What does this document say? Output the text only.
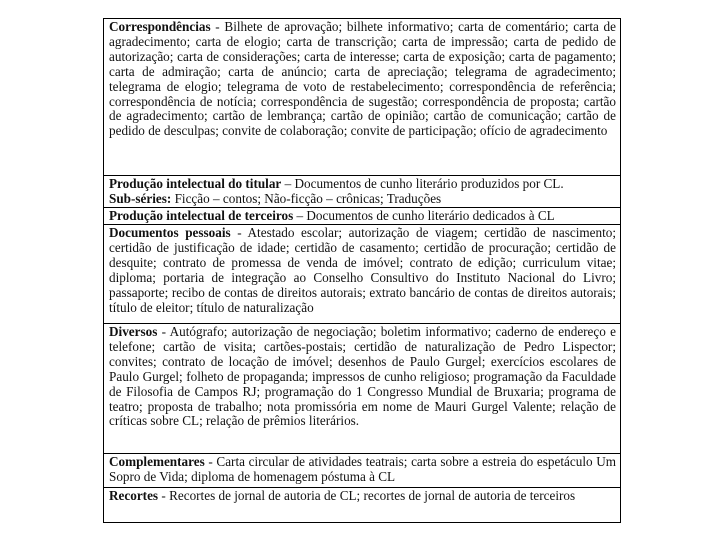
Correspondências - Bilhete de aprovação; bilhete informativo; carta de comentário; carta de agradecimento; carta de elogio; carta de transcrição; carta de impressão; carta de pedido de autorização; carta de considerações; carta de interesse; carta de exposição; carta de pagamento; carta de admiração; carta de anúncio; carta de apreciação; telegrama de agradecimento; telegrama de elogio; telegrama de voto de restabelecimento; correspondência de referência; correspondência de notícia; correspondência de sugestão; correspondência de proposta; cartão de agradecimento; cartão de lembrança; cartão de opinião; cartão de comunicação; cartão de pedido de desculpas; convite de colaboração; convite de participação; ofício de agradecimento
Produção intelectual do titular – Documentos de cunho literário produzidos por CL.
Sub-séries: Ficção – contos; Não-ficção – crônicas; Traduções
Produção intelectual de terceiros – Documentos de cunho literário dedicados à CL
Documentos pessoais - Atestado escolar; autorização de viagem; certidão de nascimento; certidão de justificação de idade; certidão de casamento; certidão de procuração; certidão de desquite; contrato de promessa de venda de imóvel; contrato de edição; curriculum vitae; diploma; portaria de integração ao Conselho Consultivo do Instituto Nacional do Livro; passaporte; recibo de contas de direitos autorais; extrato bancário de contas de direitos autorais; título de eleitor; título de naturalização
Diversos - Autógrafo; autorização de negociação; boletim informativo; caderno de endereço e telefone; cartão de visita; cartões-postais; certidão de naturalização de Pedro Lispector; convites; contrato de locação de imóvel; desenhos de Paulo Gurgel; exercícios escolares de Paulo Gurgel; folheto de propaganda; impressos de cunho religioso; programação da Faculdade de Filosofia de Campos RJ; programação do 1 Congresso Mundial de Bruxaria; programa de teatro; proposta de trabalho; nota promissória em nome de Mauri Gurgel Valente; relação de críticas sobre CL; relação de prêmios literários.
Complementares - Carta circular de atividades teatrais; carta sobre a estreia do espetáculo Um Sopro de Vida; diploma de homenagem póstuma à CL
Recortes - Recortes de jornal de autoria de CL; recortes de jornal de autoria de terceiros
